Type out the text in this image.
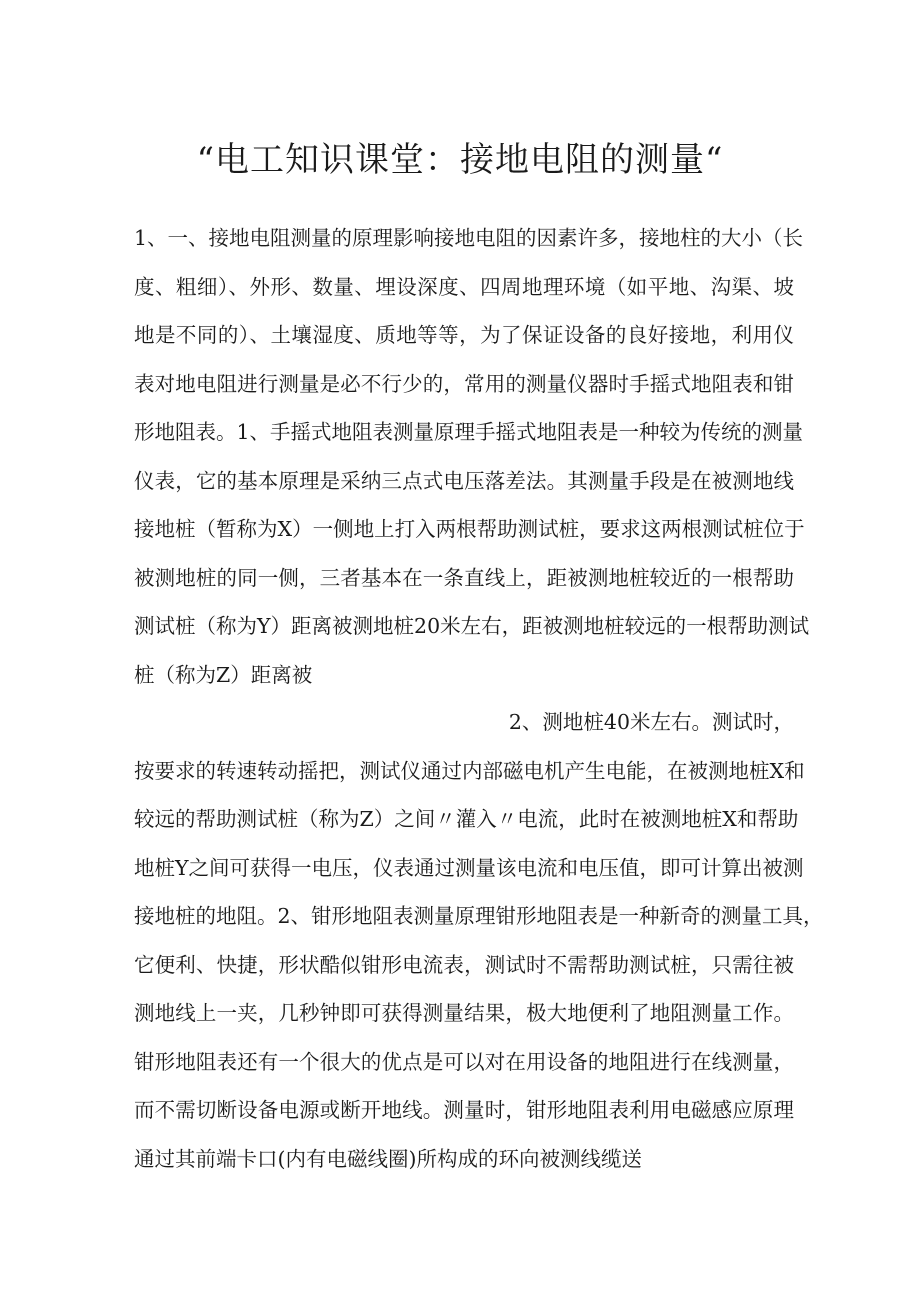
“电工知识课堂：接地电阻的测量“
1、一、接地电阻测量的原理影响接地电阻的因素许多，接地柱的大小（长
度、粗细）、外形、数量、埋设深度、四周地理环境（如平地、沟渠、坡
地是不同的）、土壤湿度、质地等等，为了保证设备的良好接地，利用仪
表对地电阻进行测量是必不行少的，常用的测量仪器时手摇式地阻表和钳
形地阻表。1、手摇式地阻表测量原理手摇式地阻表是一种较为传统的测量
仪表，它的基本原理是采纳三点式电压落差法。其测量手段是在被测地线
接地桩（暂称为X）一侧地上打入两根帮助测试桩，要求这两根测试桩位于
被测地桩的同一侧，三者基本在一条直线上，距被测地桩较近的一根帮助
测试桩（称为Y）距离被测地桩20米左右，距被测地桩较远的一根帮助测试
桩（称为Z）距离被
2、测地桩40米左右。测试时，
按要求的转速转动摇把，测试仪通过内部磁电机产生电能，在被测地桩X和
较远的帮助测试桩（称为Z）之间〃灌入〃电流，此时在被测地桩X和帮助
地桩Y之间可获得一电压，仪表通过测量该电流和电压值，即可计算出被测
接地桩的地阻。2、钳形地阻表测量原理钳形地阻表是一种新奇的测量工具，
它便利、快捷，形状酷似钳形电流表，测试时不需帮助测试桩，只需往被
测地线上一夹，几秒钟即可获得测量结果，极大地便利了地阻测量工作。
钳形地阻表还有一个很大的优点是可以对在用设备的地阻进行在线测量，
而不需切断设备电源或断开地线。测量时，钳形地阻表利用电磁感应原理
通过其前端卡口(内有电磁线圈)所构成的环向被测线缆送
